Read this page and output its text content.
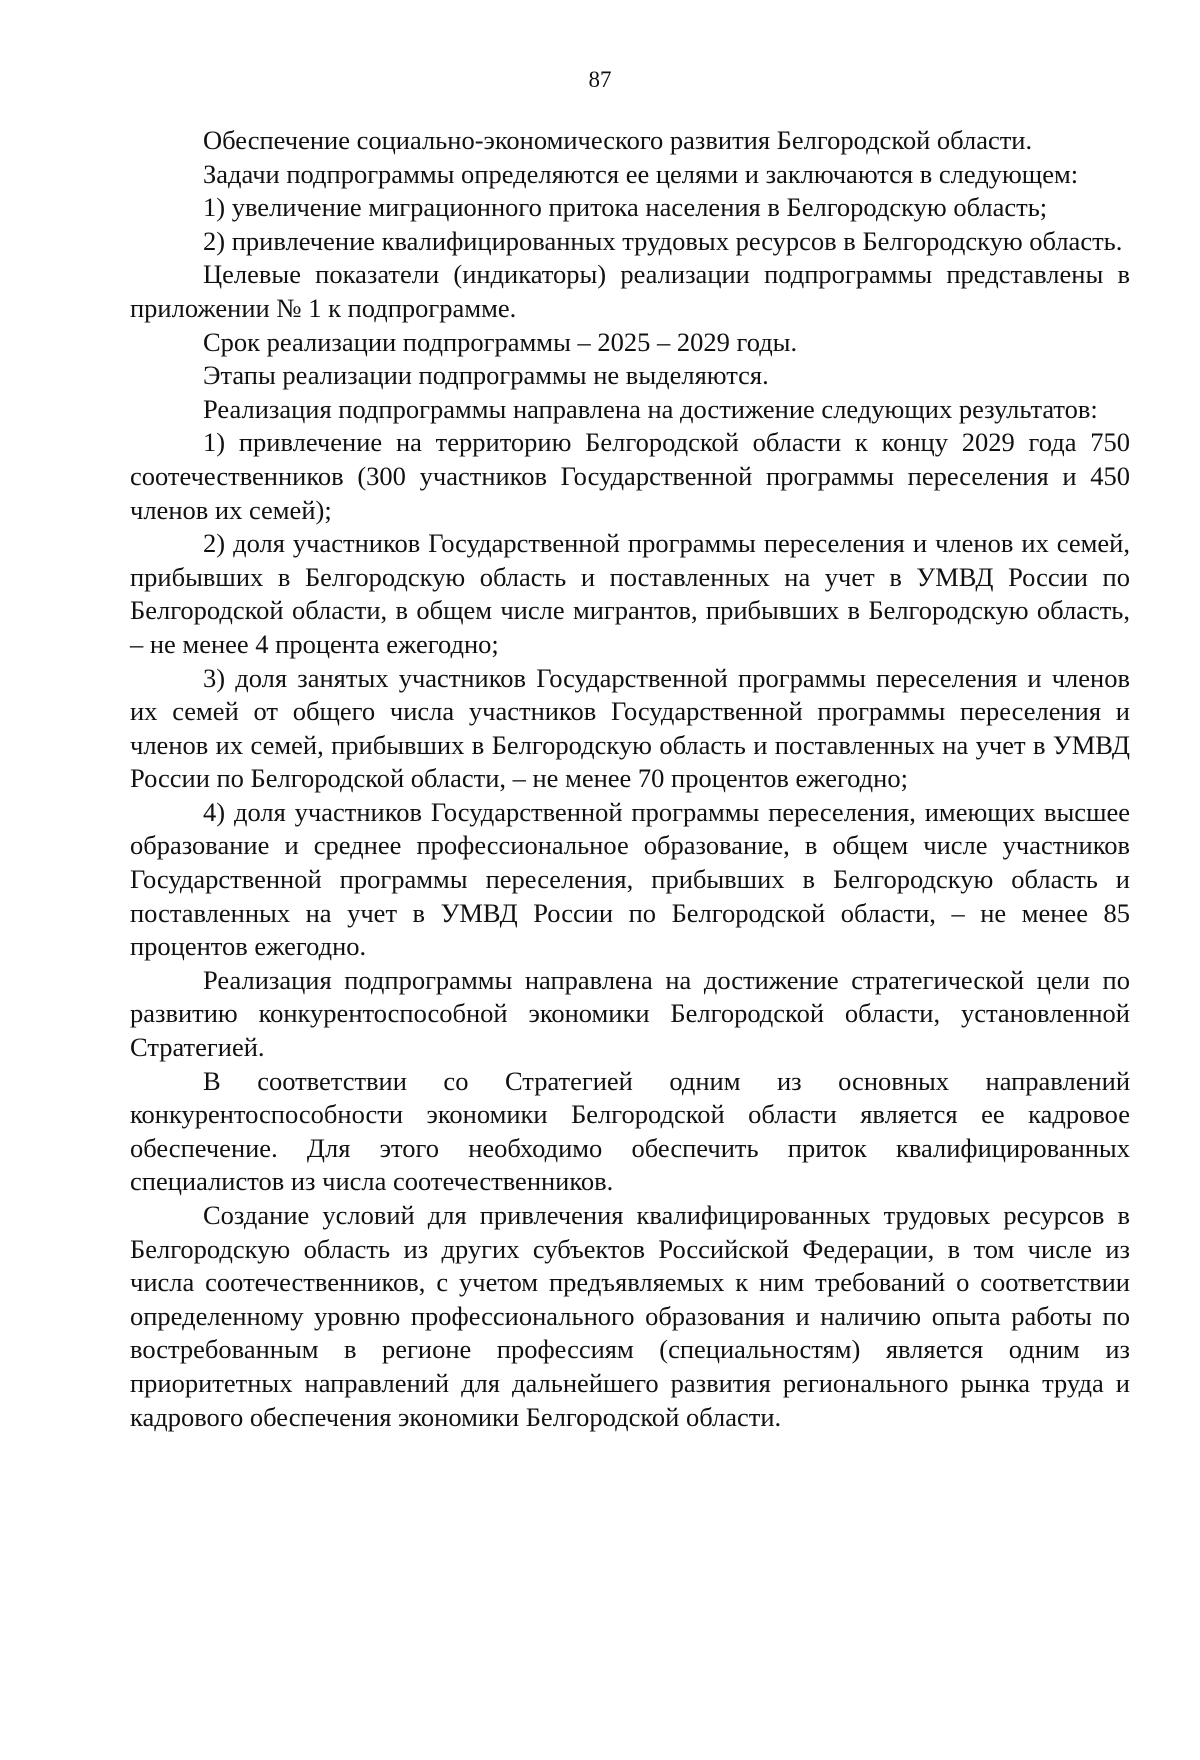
87

Обеспечение социально-экономического развития Белгородской области.

Задачи подпрограммы определяются ее целями и заключаются в следующем:

1) увеличение миграционного притока населения в Белгородскую область;

2) привлечение квалифицированных трудовых ресурсов в Белгородскую область.

Целевые показатели (индикаторы) реализации подпрограммы представлены в приложении № 1 к подпрограмме.

Срок реализации подпрограммы – 2025 – 2029 годы.

Этапы реализации подпрограммы не выделяются.

Реализация подпрограммы направлена на достижение следующих результатов:

1) привлечение на территорию Белгородской области к концу 2029 года 750 соотечественников (300 участников Государственной программы переселения и 450 членов их семей);

2) доля участников Государственной программы переселения и членов их семей, прибывших в Белгородскую область и поставленных на учет в УМВД России по Белгородской области, в общем числе мигрантов, прибывших в Белгородскую область, – не менее 4 процента ежегодно;

3) доля занятых участников Государственной программы переселения и членов их семей от общего числа участников Государственной программы переселения и членов их семей, прибывших в Белгородскую область и поставленных на учет в УМВД России по Белгородской области, – не менее 70 процентов ежегодно;

4) доля участников Государственной программы переселения, имеющих высшее образование и среднее профессиональное образование, в общем числе участников Государственной программы переселения, прибывших в Белгородскую область и поставленных на учет в УМВД России по Белгородской области, – не менее 85 процентов ежегодно.

Реализация подпрограммы направлена на достижение стратегической цели по развитию конкурентоспособной экономики Белгородской области, установленной Стратегией.

В соответствии со Стратегией одним из основных направлений конкурентоспособности экономики Белгородской области является ее кадровое обеспечение. Для этого необходимо обеспечить приток квалифицированных специалистов из числа соотечественников.

Создание условий для привлечения квалифицированных трудовых ресурсов в Белгородскую область из других субъектов Российской Федерации, в том числе из числа соотечественников, с учетом предъявляемых к ним требований о соответствии определенному уровню профессионального образования и наличию опыта работы по востребованным в регионе профессиям (специальностям) является одним из приоритетных направлений для дальнейшего развития регионального рынка труда и кадрового обеспечения экономики Белгородской области.
